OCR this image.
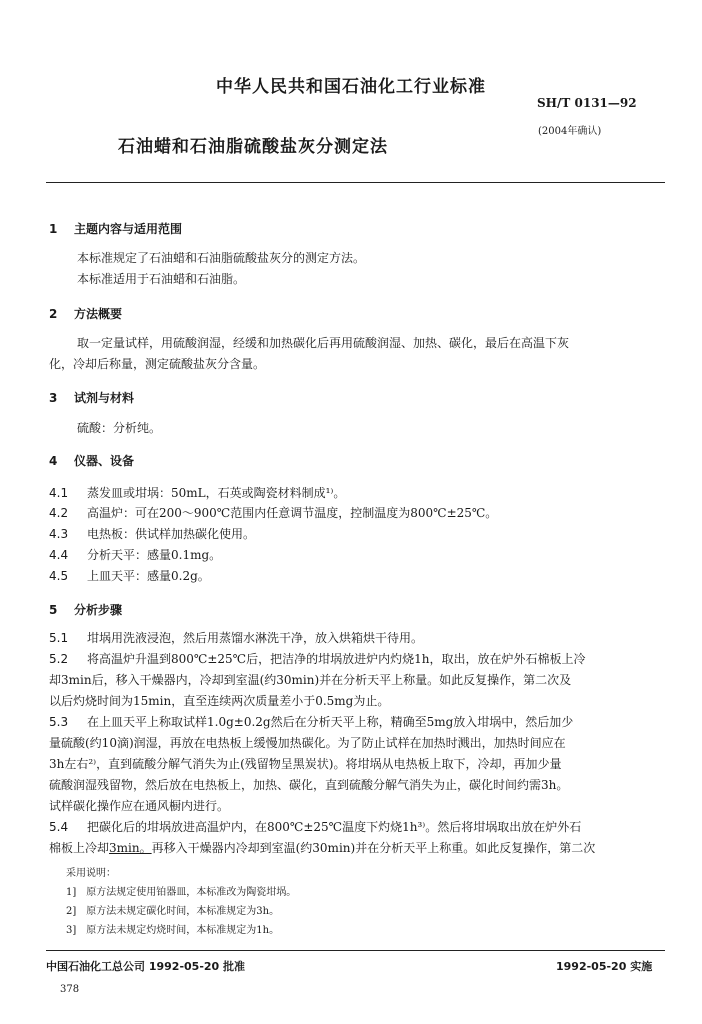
中华人民共和国石油化工行业标准
SH/T 0131—92
(2004年确认)
石油蜡和石油脂硫酸盐灰分测定法
1 主题内容与适用范围
本标准规定了石油蜡和石油脂硫酸盐灰分的测定方法。
本标准适用于石油蜡和石油脂。
2 方法概要
取一定量试样，用硫酸润湿，经缓和加热碳化后再用硫酸润湿、加热、碳化，最后在高温下灰
化，冷却后称量，测定硫酸盐灰分含量。
3 试剂与材料
硫酸：分析纯。
4 仪器、设备
4.1 蒸发皿或坩埚：50mL，石英或陶瓷材料制成¹⁾。
4.2 高温炉：可在200～900℃范围内任意调节温度，控制温度为800℃±25℃。
4.3 电热板：供试样加热碳化使用。
4.4 分析天平：感量0.1mg。
4.5 上皿天平：感量0.2g。
5 分析步骤
5.1 坩埚用洗液浸泡，然后用蒸馏水淋洗干净，放入烘箱烘干待用。
5.2 将高温炉升温到800℃±25℃后，把洁净的坩埚放进炉内灼烧1h，取出，放在炉外石棉板上冷
却3min后，移入干燥器内，冷却到室温(约30min)并在分析天平上称量。如此反复操作，第二次及
以后灼烧时间为15min，直至连续两次质量差小于0.5mg为止。
5.3 在上皿天平上称取试样1.0g±0.2g然后在分析天平上称，精确至5mg放入坩埚中，然后加少
量硫酸(约10滴)润湿，再放在电热板上缓慢加热碳化。为了防止试样在加热时溅出，加热时间应在
3h左右²⁾，直到硫酸分解气消失为止(残留物呈黑炭状)。将坩埚从电热板上取下，冷却，再加少量
硫酸润湿残留物，然后放在电热板上，加热、碳化，直到硫酸分解气消失为止，碳化时间约需3h。
试样碳化操作应在通风橱内进行。
5.4 把碳化后的坩埚放进高温炉内，在800℃±25℃温度下灼烧1h³⁾。然后将坩埚取出放在炉外石
棉板上冷却3min。再移入干燥器内冷却到室温(约30min)并在分析天平上称重。如此反复操作，第二次
采用说明：
1]　原方法规定使用铂器皿，本标准改为陶瓷坩埚。
2]　原方法未规定碳化时间，本标准规定为3h。
3]　原方法未规定灼烧时间，本标准规定为1h。
中国石油化工总公司 1992-05-20 批准	1992-05-20 实施
378
